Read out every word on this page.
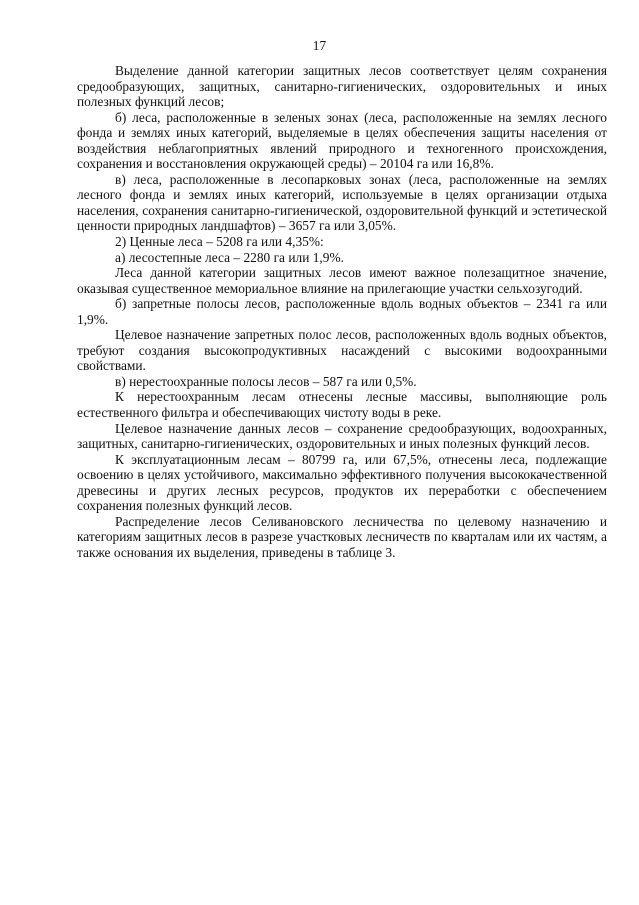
17

Выделение данной категории защитных лесов соответствует целям сохранения средообразующих, защитных, санитарно-гигиенических, оздоровительных и иных полезных функций лесов;

б) леса, расположенные в зеленых зонах (леса, расположенные на землях лесного фонда и землях иных категорий, выделяемые в целях обеспечения защиты населения от воздействия неблагоприятных явлений природного и техногенного происхождения, сохранения и восстановления окружающей среды) – 20104 га или 16,8%.

в) леса, расположенные в лесопарковых зонах (леса, расположенные на землях лесного фонда и землях иных категорий, используемые в целях организации отдыха населения, сохранения санитарно-гигиенической, оздоровительной функций и эстетической ценности природных ландшафтов) – 3657 га или 3,05%.

2) Ценные леса – 5208 га или 4,35%:

а) лесостепные леса – 2280 га или 1,9%.

Леса данной категории защитных лесов имеют важное полезащитное значение, оказывая существенное мемориальное влияние на прилегающие участки сельхозугодий.

б) запретные полосы лесов, расположенные вдоль водных объектов – 2341 га или 1,9%.

Целевое назначение запретных полос лесов, расположенных вдоль водных объектов, требуют создания высокопродуктивных насаждений с высокими водоохранными свойствами.

в) нерестоохранные полосы лесов – 587 га или 0,5%.

К нерестоохранным лесам отнесены лесные массивы, выполняющие роль естественного фильтра и обеспечивающих чистоту воды в реке.

Целевое назначение данных лесов – сохранение средообразующих, водоохранных, защитных, санитарно-гигиенических, оздоровительных и иных полезных функций лесов.

К эксплуатационным лесам – 80799 га, или 67,5%, отнесены леса, подлежащие освоению в целях устойчивого, максимально эффективного получения высококачественной древесины и других лесных ресурсов, продуктов их переработки с обеспечением сохранения полезных функций лесов.

Распределение лесов Селивановского лесничества по целевому назначению и категориям защитных лесов в разрезе участковых лесничеств по кварталам или их частям, а также основания их выделения, приведены в таблице 3.
